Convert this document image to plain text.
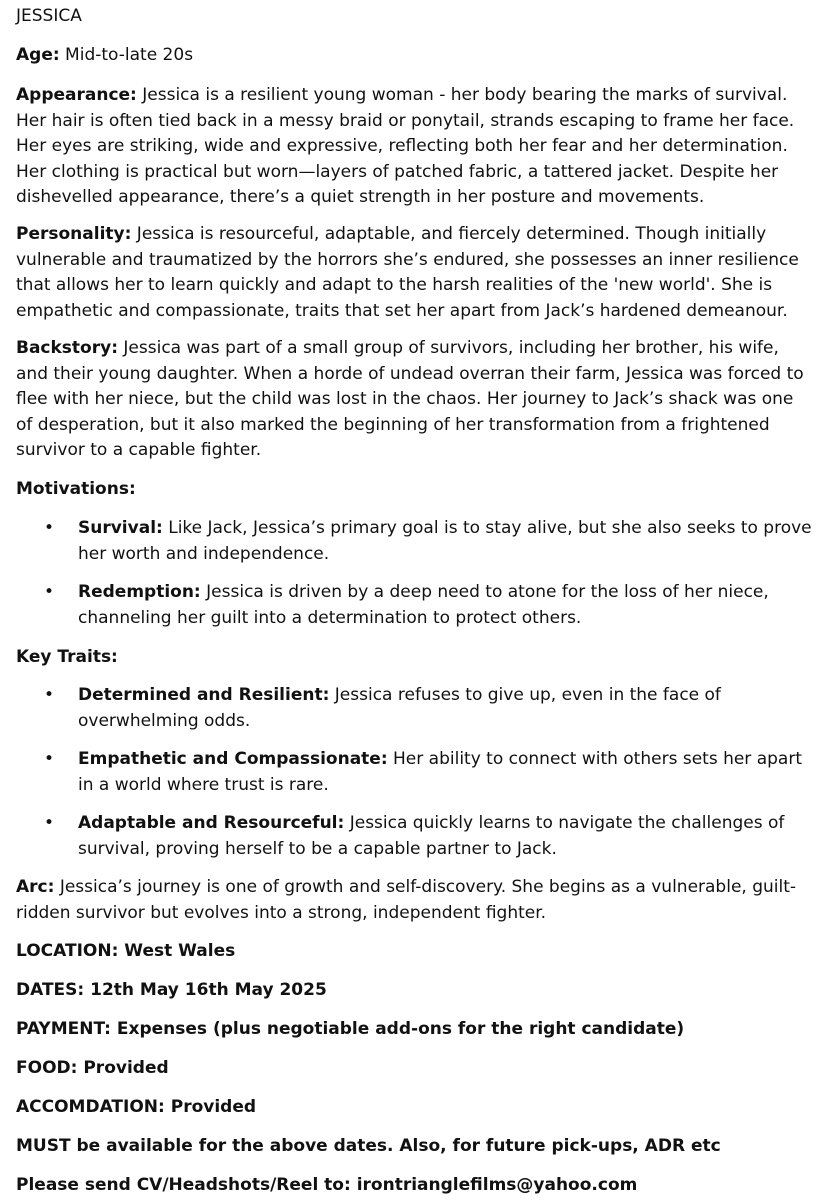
JESSICA

Age: Mid-to-late 20s

Appearance: Jessica is a resilient young woman - her body bearing the marks of survival. Her hair is often tied back in a messy braid or ponytail, strands escaping to frame her face. Her eyes are striking, wide and expressive, reflecting both her fear and her determination. Her clothing is practical but worn—layers of patched fabric, a tattered jacket. Despite her dishevelled appearance, there’s a quiet strength in her posture and movements.

Personality: Jessica is resourceful, adaptable, and fiercely determined. Though initially vulnerable and traumatized by the horrors she’s endured, she possesses an inner resilience that allows her to learn quickly and adapt to the harsh realities of the 'new world'. She is empathetic and compassionate, traits that set her apart from Jack’s hardened demeanour.

Backstory: Jessica was part of a small group of survivors, including her brother, his wife, and their young daughter. When a horde of undead overran their farm, Jessica was forced to flee with her niece, but the child was lost in the chaos. Her journey to Jack’s shack was one of desperation, but it also marked the beginning of her transformation from a frightened survivor to a capable fighter.

Motivations:
• Survival: Like Jack, Jessica’s primary goal is to stay alive, but she also seeks to prove her worth and independence.

• Redemption: Jessica is driven by a deep need to atone for the loss of her niece, channeling her guilt into a determination to protect others.

Key Traits:
• Determined and Resilient: Jessica refuses to give up, even in the face of overwhelming odds.

• Empathetic and Compassionate: Her ability to connect with others sets her apart in a world where trust is rare.

• Adaptable and Resourceful: Jessica quickly learns to navigate the challenges of survival, proving herself to be a capable partner to Jack.

Arc: Jessica’s journey is one of growth and self-discovery. She begins as a vulnerable, guilt-ridden survivor but evolves into a strong, independent fighter.

LOCATION: West Wales
DATES: 12th May 16th May 2025
PAYMENT: Expenses (plus negotiable add-ons for the right candidate)
FOOD: Provided
ACCOMDATION: Provided
MUST be available for the above dates. Also, for future pick-ups, ADR etc
Please send CV/Headshots/Reel to: irontrianglefilms@yahoo.com
